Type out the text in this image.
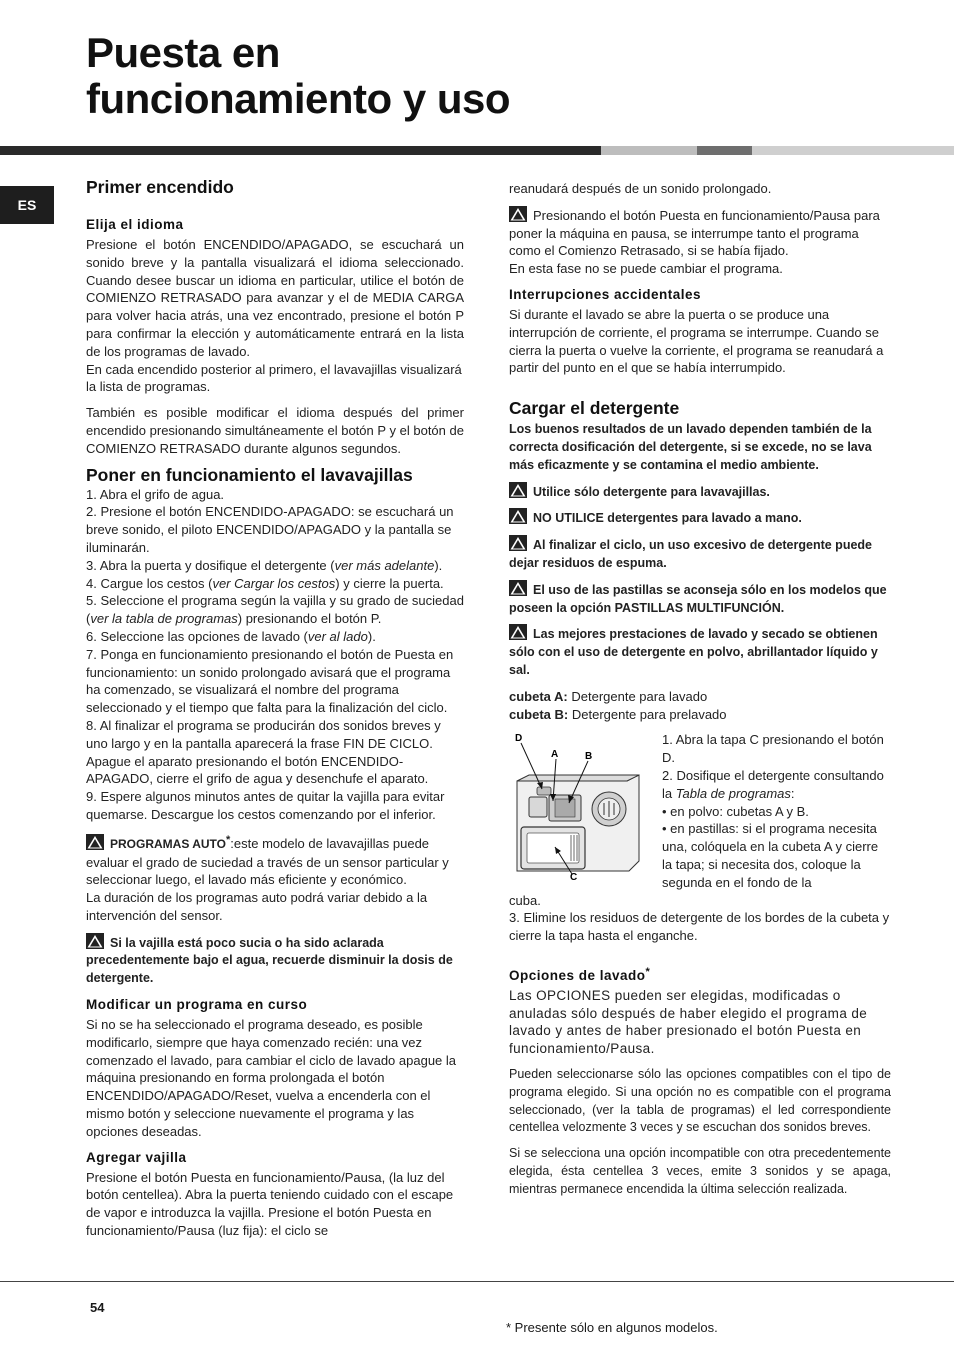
Puesta en
funcionamiento y uso
ES
Primer encendido
Elija el idioma

Presione el botón ENCENDIDO/APAGADO, se escuchará un sonido breve y la pantalla visualizará el idioma seleccionado. Cuando desee buscar un idioma en particular, utilice el botón de COMIENZO RETRASADO para avanzar y el de MEDIA CARGA para volver hacia atrás, una vez encontrado, presione el botón P para confirmar la elección y automáticamente entrará en la lista de los programas de lavado.

En cada encendido posterior al primero, el lavavajillas visualizará la lista de programas.

También es posible modificar el idioma después del primer encendido presionando simultáneamente el botón P y el botón de COMIENZO RETRASADO durante algunos segundos.

Poner en funcionamiento el lavavajillas

1. Abra el grifo de agua.

2. Presione el botón ENCENDIDO-APAGADO: se escuchará un breve sonido, el piloto ENCENDIDO/APAGADO y la pantalla se iluminarán.

3. Abra la puerta y dosifique el detergente (ver más adelante).

4. Cargue los cestos (ver Cargar los cestos) y cierre la puerta.

5. Seleccione el programa según la vajilla y su grado de suciedad (ver la tabla de programas) presionando el botón P.

6. Seleccione las opciones de lavado (ver al lado).

7. Ponga en funcionamiento presionando el botón de Puesta en funcionamiento: un sonido prolongado avisará que el programa ha comenzado, se visualizará el nombre del programa seleccionado y el tiempo que falta para la finalización del ciclo.

8. Al finalizar el programa se producirán dos sonidos breves y uno largo y en la pantalla aparecerá la frase FIN DE CICLO. Apague el aparato presionando el botón ENCENDIDO-APAGADO, cierre el grifo de agua y desenchufe el aparato.

9. Espere algunos minutos antes de quitar la vajilla para evitar quemarse. Descargue los cestos comenzando por el inferior.

PROGRAMAS AUTO*:este modelo de lavavajillas puede evaluar el grado de suciedad a través de un sensor particular y seleccionar luego, el lavado más eficiente y económico.

La duración de los programas auto podrá variar debido a la intervención del sensor.

Si la vajilla está poco sucia o ha sido aclarada precedentemente bajo el agua, recuerde disminuir la dosis de detergente.

Modificar un programa en curso

Si no se ha seleccionado el programa deseado, es posible modificarlo, siempre que haya comenzado recién: una vez comenzado el lavado, para cambiar el ciclo de lavado apague la máquina presionando en forma prolongada el botón ENCENDIDO/APAGADO/Reset, vuelva a encenderla con el mismo botón y seleccione nuevamente el programa y las opciones deseadas.

Agregar vajilla

Presione el botón Puesta en funcionamiento/Pausa, (la luz del botón centellea). Abra la puerta teniendo cuidado con el escape de vapor e introduzca la vajilla. Presione el botón Puesta en funcionamiento/Pausa (luz fija): el ciclo se

reanudará después de un sonido prolongado.

Presionando el botón Puesta en funcionamiento/Pausa para poner la máquina en pausa, se interrumpe tanto el programa como el Comienzo Retrasado, si se había fijado.

En esta fase no se puede cambiar el programa.

Interrupciones accidentales

Si durante el lavado se abre la puerta o se produce una interrupción de corriente, el programa se interrumpe. Cuando se cierra la puerta o vuelve la corriente, el programa se reanudará a partir del punto en el que se había interrumpido.

Cargar el detergente

Los buenos resultados de un lavado dependen también de la correcta dosificación del detergente, si se excede, no se lava más eficazmente y se contamina el medio ambiente.

Utilice sólo detergente para lavavajillas.

NO UTILICE detergentes para lavado a mano.

Al finalizar el ciclo, un uso excesivo de detergente puede dejar residuos de espuma.

El uso de las pastillas se aconseja sólo en los modelos que poseen la opción PASTILLAS MULTIFUNCIÓN.

Las mejores prestaciones de lavado y secado se obtienen sólo con el uso de detergente en polvo, abrillantador líquido y sal.

cubeta A: Detergente para lavado

cubeta B: Detergente para prelavado

D
A	B
C

1. Abra la tapa C presionando el botón D.

2. Dosifique el detergente consultando la Tabla de programas:

• en polvo: cubetas A y B.

• en pastillas: si el programa necesita una, colóquela en la cubeta A y cierre la tapa; si necesita dos, coloque la segunda en el fondo de la

cuba.

3. Elimine los residuos de detergente de los bordes de la cubeta y cierre la tapa hasta el enganche.

Opciones de lavado*

Las OPCIONES pueden ser elegidas, modificadas o anuladas sólo después de haber elegido el programa de lavado y antes de haber presionado el botón Puesta en funcionamiento/Pausa.

Pueden seleccionarse sólo las opciones compatibles con el tipo de programa elegido. Si una opción no es compatible con el programa seleccionado, (ver la tabla de programas) el led correspondiente centellea velozmente 3 veces y se escuchan dos sonidos breves.

Si se selecciona una opción incompatible con otra precedentemente elegida, ésta centellea 3 veces, emite 3 sonidos y se apaga, mientras permanece encendida la última selección realizada.

54
* Presente sólo en algunos modelos.
